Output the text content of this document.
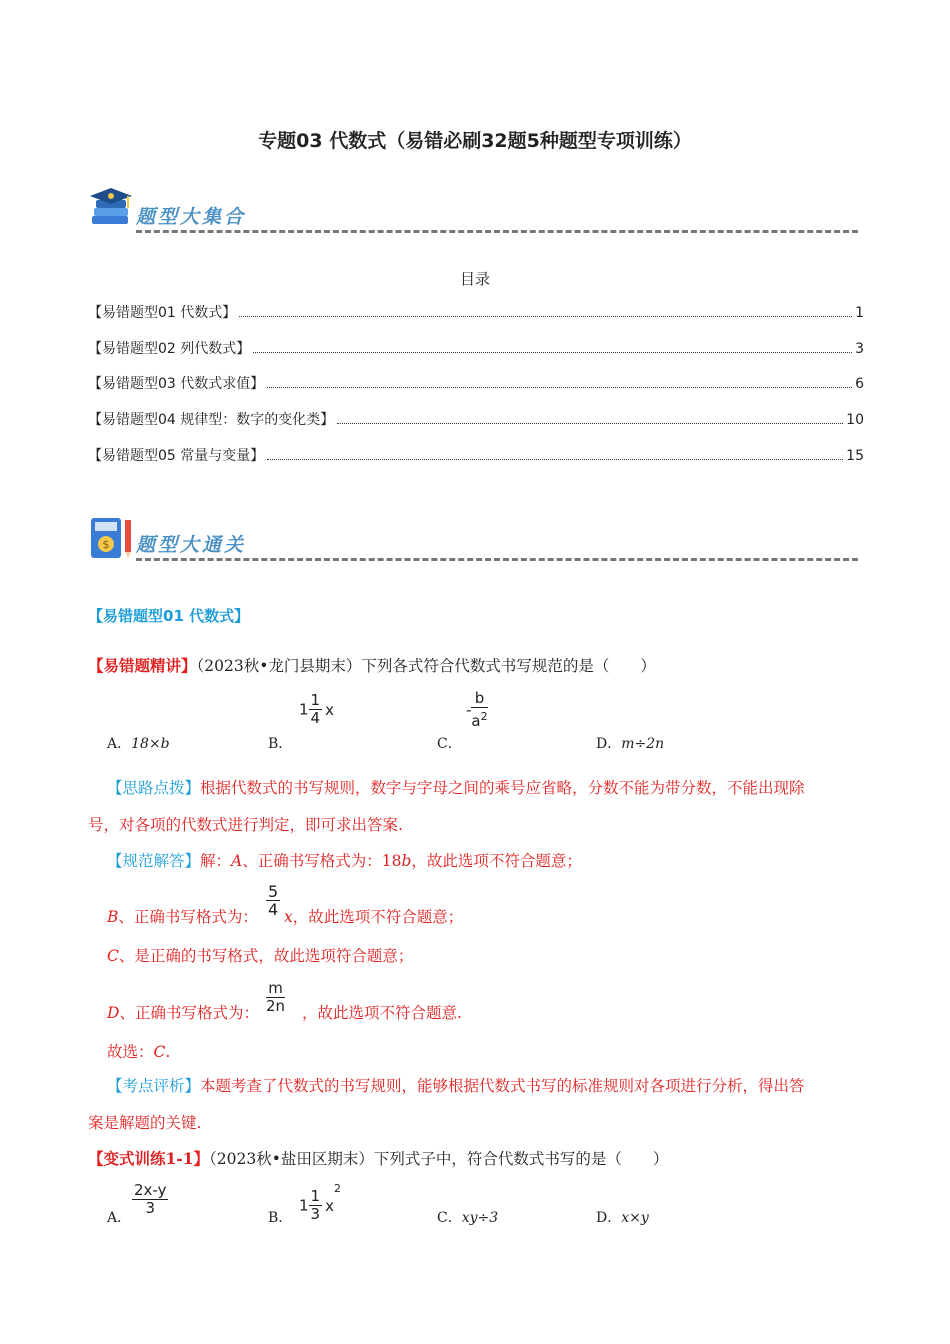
专题03 代数式（易错必刷32题5种题型专项训练）
题型大集合
目录
【易错题型01 代数式】	1
【易错题型02 列代数式】	3
【易错题型03 代数式求值】	6
【易错题型04 规律型：数字的变化类】	10
【易错题型05 常量与变量】	15
$ 题型大通关
【易错题型01 代数式】
【易错题精讲】（2023秋•龙门县期末）下列各式符合代数式书写规范的是（　　）
A．18×b	B．
$1 \frac{1}{4}$ x
C．
- $\frac{b}{a^2}$
D．m÷2n
【思路点拨】根据代数式的书写规则，数字与字母之间的乘号应省略，分数不能为带分数，不能出现除
号，对各项的代数式进行判定，即可求出答案.
【规范解答】解：A、正确书写格式为：18b，故此选项不符合题意；
B、正确书写格式为： $\frac{5}{4}$ x，故此选项不符合题意；
C、是正确的书写格式，故此选项符合题意；
D、正确书写格式为： $\frac{m}{2n}$ ，故此选项不符合题意.
故选：C.
【考点评析】本题考查了代数式的书写规则，能够根据代数式书写的标准规则对各项进行分析，得出答
案是解题的关键.
【变式训练1-1】（2023秋•盐田区期末）下列式子中，符合代数式书写的是（　　）
A．
$\frac{2x-y}{3}$
B．
$1 \frac{1}{3} x^2$
C．xy÷3	D．x×y
